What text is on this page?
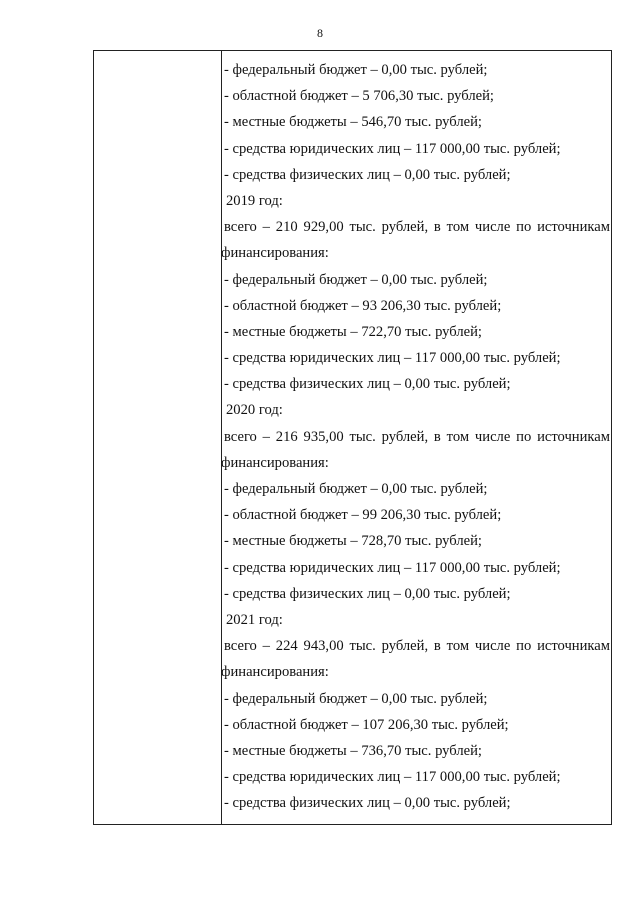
8
- федеральный бюджет – 0,00 тыс. рублей;
- областной бюджет – 5 706,30 тыс. рублей;
- местные бюджеты – 546,70 тыс. рублей;
- средства юридических лиц – 117 000,00 тыс. рублей;
- средства физических лиц – 0,00 тыс. рублей;
2019 год:
всего – 210 929,00 тыс. рублей, в том числе по источникам
финансирования:
- федеральный бюджет – 0,00 тыс. рублей;
- областной бюджет – 93 206,30 тыс. рублей;
- местные бюджеты – 722,70 тыс. рублей;
- средства юридических лиц – 117 000,00 тыс. рублей;
- средства физических лиц – 0,00 тыс. рублей;
2020 год:
всего – 216 935,00 тыс. рублей, в том числе по источникам
финансирования:
- федеральный бюджет – 0,00 тыс. рублей;
- областной бюджет – 99 206,30 тыс. рублей;
- местные бюджеты – 728,70 тыс. рублей;
- средства юридических лиц – 117 000,00 тыс. рублей;
- средства физических лиц – 0,00 тыс. рублей;
2021 год:
всего – 224 943,00 тыс. рублей, в том числе по источникам
финансирования:
- федеральный бюджет – 0,00 тыс. рублей;
- областной бюджет – 107 206,30 тыс. рублей;
- местные бюджеты – 736,70 тыс. рублей;
- средства юридических лиц – 117 000,00 тыс. рублей;
- средства физических лиц – 0,00 тыс. рублей;
